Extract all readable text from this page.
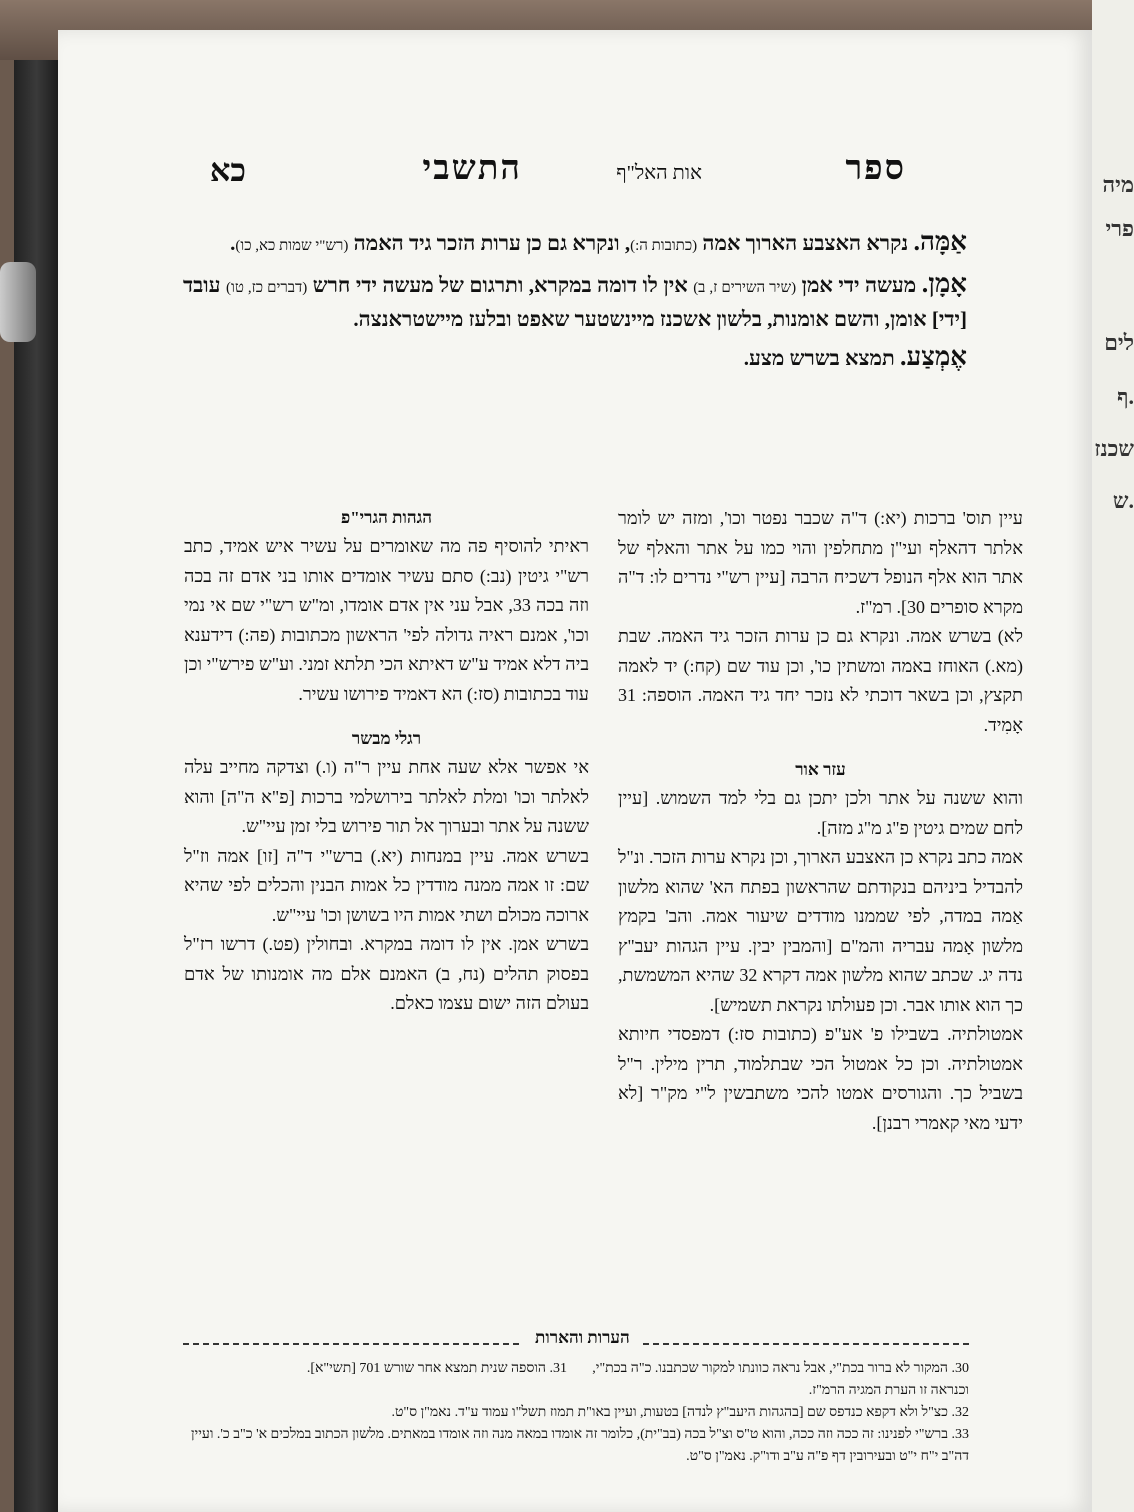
כא	התשבי	אות האל"ף	ספר

אַמָּה. נקרא האצבע הארוך אמה (כתובות ה:), ונקרא גם כן ערות הזכר גיד האמה (רש"י שמות כא, כו).

אָמָן. מעשה ידי אמן (שיר השירים ז, ב) אין לו דומה במקרא, ותרגום של מעשה ידי חרש (דברים כז, טו) עובד [ידי] אומן, והשם אומנות, בלשון אשכנז מיינשטער שאפט ובלעז מיישטראנצה.

אֶמְצַע. תמצא בשרש מצע.

עיין תוס' ברכות (יא:) ד"ה שכבר נפטר וכו', ומזה יש לומר אלתר דהאלף ועי"ן מתחלפין והוי כמו על אתר והאלף של אתר הוא אלף הנופל דשכיח הרבה [עיין רש"י נדרים לו: ד"ה מקרא סופרים 30]. רמ"ז.

לא) בשרש אמה. ונקרא גם כן ערות הזכר גיד האמה. שבת (מא.) האוחז באמה ומשתין כו', וכן עוד שם (קח:) יד לאמה תקצץ, וכן בשאר דוכתי לא נזכר יחד גיד האמה. הוספה: 31 אָמִיד.

עזר אור

והוא ששנה על אתר ולכן יתכן גם בלי למד השמוש. [עיין לחם שמים גיטין פ"ג מ"ג מזה].

אמה כתב נקרא כן האצבע הארוך, וכן נקרא ערות הזכר. ונ"ל להבדיל ביניהם בנקודתם שהראשון בפתח הא' שהוא מלשון אַמה במדה, לפי שממנו מודדים שיעור אמה. והב' בקמץ מלשון אָמה עבריה והמ"ם [והמבין יבין. עיין הגהות יעב"ץ נדה יג. שכתב שהוא מלשון אמה דקרא 32 שהיא המשמשת, כך הוא אותו אבר. וכן פעולתו נקראת תשמיש].

אמטולתיה. בשבילו פ' אע"פ (כתובות סז:) דמפסדי חיותא אמטולתיה. וכן כל אמטול הכי שבתלמוד, תרין מילין. ר"ל בשביל כך. והגורסים אמטו להכי משתבשין ל"י מק"ר [לא ידעי מאי קאמרי רבנן].

הגהות הגרי"פ

ראיתי להוסיף פה מה שאומרים על עשיר איש אמיד, כתב רש"י גיטין (נב:) סתם עשיר אומדים אותו בני אדם זה בכה וזה בכה 33, אבל עני אין אדם אומדו, ומ"ש רש"י שם אי נמי וכו', אמנם ראיה גדולה לפי' הראשון מכתובות (פה:) דידענא ביה דלא אמיד ע"ש דאיתא הכי תלתא זמני. וע"ש פירש"י וכן עוד בכתובות (סז:) הא דאמיד פירושו עשיר.

רגלי מבשר

אי אפשר אלא שעה אחת עיין ר"ה (ו.) וצדקה מחייב עלה לאלתר וכו' ומלת לאלתר בירושלמי ברכות [פ"א ה"ה] והוא ששנה על אתר ובערוך אל תור פירוש בלי זמן עיי"ש.

בשרש אמה. עיין במנחות (יא.) ברש"י ד"ה [זו] אמה וז"ל שם: זו אמה ממנה מודדין כל אמות הבנין והכלים לפי שהיא ארוכה מכולם ושתי אמות היו בשושן וכו' עיי"ש.

בשרש אמן. אין לו דומה במקרא. ובחולין (פט.) דרשו רז"ל בפסוק תהלים (נח, ב) האמנם אלם מה אומנותו של אדם בעולם הזה ישום עצמו כאלם.

הערות והארות
30. המקור לא ברור בכת"י, אבל נראה כוונתו למקור שכתבנו. כ"ה בכת"י, וכנראה זו הערת המגיה הרמ"ז.
31. הוספה שנית תמצא אחר שורש 701 [תשי"א].

32. כצ"ל ולא דקפא כנדפס שם [בהגהות היעב"ץ לנדה] בטעות, ועיין באו"ת תמוז תשל"ו עמוד ע"ד. נאמ"ן ס"ט.

33. ברש"י לפנינו: זה ככה וזה ככה, והוא ט"ס וצ"ל בכה (בב"ית), כלומר זה אומדו במאה מנה וזה אומדו במאתים. מלשון הכתוב במלכים א' כ"ב כ'. ועיין דה"ב י"ח י"ט ובעירובין דף פ"ה ע"ב ודו"ק. נאמ"ן ס"ט.

מיה
פרי
לים
ף.
שכנז
ש.
